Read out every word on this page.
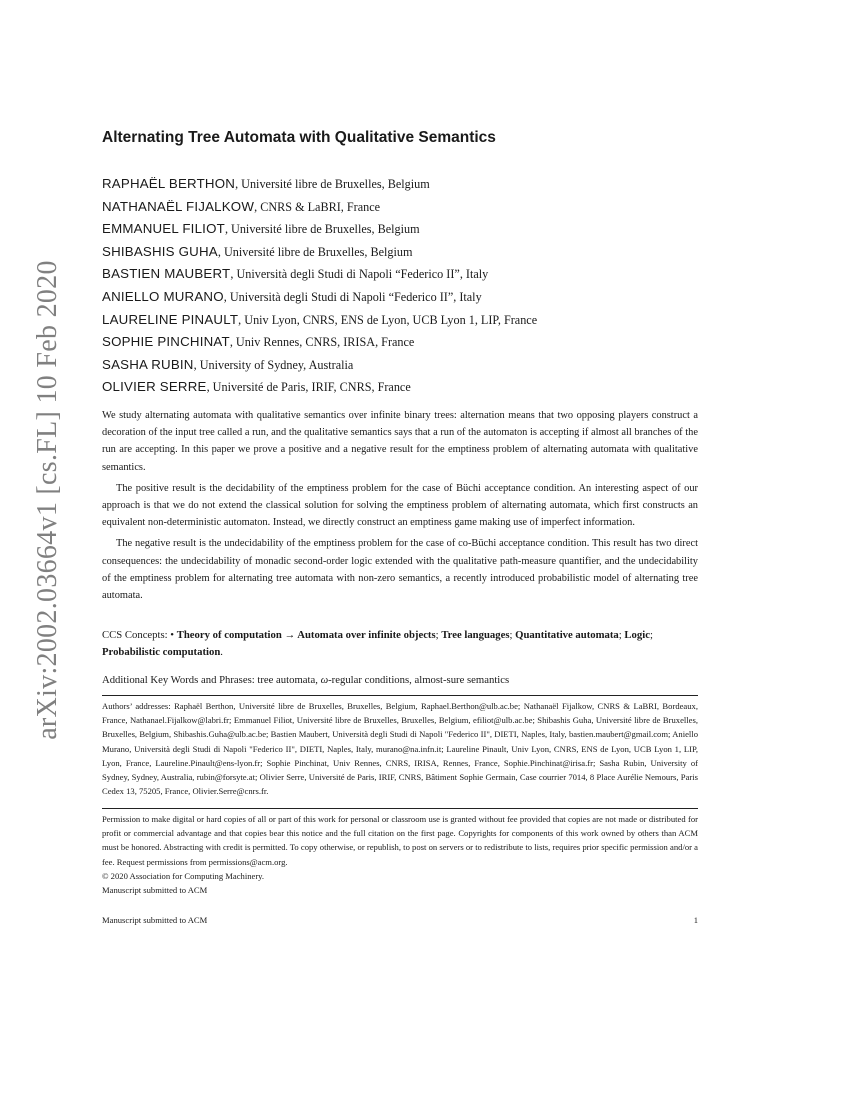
arXiv:2002.03664v1 [cs.FL] 10 Feb 2020
Alternating Tree Automata with Qualitative Semantics
RAPHAËL BERTHON, Université libre de Bruxelles, Belgium
NATHANAËL FIJALKOW, CNRS & LaBRI, France
EMMANUEL FILIOT, Université libre de Bruxelles, Belgium
SHIBASHIS GUHA, Université libre de Bruxelles, Belgium
BASTIEN MAUBERT, Università degli Studi di Napoli “Federico II”, Italy
ANIELLO MURANO, Università degli Studi di Napoli “Federico II”, Italy
LAURELINE PINAULT, Univ Lyon, CNRS, ENS de Lyon, UCB Lyon 1, LIP, France
SOPHIE PINCHINAT, Univ Rennes, CNRS, IRISA, France
SASHA RUBIN, University of Sydney, Australia
OLIVIER SERRE, Université de Paris, IRIF, CNRS, France

We study alternating automata with qualitative semantics over infinite binary trees: alternation means that two opposing players construct a decoration of the input tree called a run, and the qualitative semantics says that a run of the automaton is accepting if almost all branches of the run are accepting. In this paper we prove a positive and a negative result for the emptiness problem of alternating automata with qualitative semantics.

The positive result is the decidability of the emptiness problem for the case of Büchi acceptance condition. An interesting aspect of our approach is that we do not extend the classical solution for solving the emptiness problem of alternating automata, which first constructs an equivalent non-deterministic automaton. Instead, we directly construct an emptiness game making use of imperfect information.

The negative result is the undecidability of the emptiness problem for the case of co-Büchi acceptance condition. This result has two direct consequences: the undecidability of monadic second-order logic extended with the qualitative path-measure quantifier, and the undecidability of the emptiness problem for alternating tree automata with non-zero semantics, a recently introduced probabilistic model of alternating tree automata.

CCS Concepts: • Theory of computation → Automata over infinite objects; Tree languages; Quantitative automata; Logic; Probabilistic computation.

Additional Key Words and Phrases: tree automata, ω-regular conditions, almost-sure semantics

Authors’ addresses: Raphaël Berthon, Université libre de Bruxelles, Bruxelles, Belgium, Raphael.Berthon@ulb.ac.be; Nathanaël Fijalkow, CNRS & LaBRI, Bordeaux, France, Nathanael.Fijalkow@labri.fr; Emmanuel Filiot, Université libre de Bruxelles, Bruxelles, Belgium, efiliot@ulb.ac.be; Shibashis Guha, Université libre de Bruxelles, Bruxelles, Belgium, Shibashis.Guha@ulb.ac.be; Bastien Maubert, Università degli Studi di Napoli "Federico II", DIETI, Naples, Italy, bastien.maubert@gmail.com; Aniello Murano, Università degli Studi di Napoli "Federico II", DIETI, Naples, Italy, murano@na.infn.it; Laureline Pinault, Univ Lyon, CNRS, ENS de Lyon, UCB Lyon 1, LIP, Lyon, France, Laureline.Pinault@ens-lyon.fr; Sophie Pinchinat, Univ Rennes, CNRS, IRISA, Rennes, France, Sophie.Pinchinat@irisa.fr; Sasha Rubin, University of Sydney, Sydney, Australia, rubin@forsyte.at; Olivier Serre, Université de Paris, IRIF, CNRS, Bâtiment Sophie Germain, Case courrier 7014, 8 Place Aurélie Nemours, Paris Cedex 13, 75205, France, Olivier.Serre@cnrs.fr.

Permission to make digital or hard copies of all or part of this work for personal or classroom use is granted without fee provided that copies are not made or distributed for profit or commercial advantage and that copies bear this notice and the full citation on the first page. Copyrights for components of this work owned by others than ACM must be honored. Abstracting with credit is permitted. To copy otherwise, or republish, to post on servers or to redistribute to lists, requires prior specific permission and/or a fee. Request permissions from permissions@acm.org.
© 2020 Association for Computing Machinery.
Manuscript submitted to ACM
Manuscript submitted to ACM	1
